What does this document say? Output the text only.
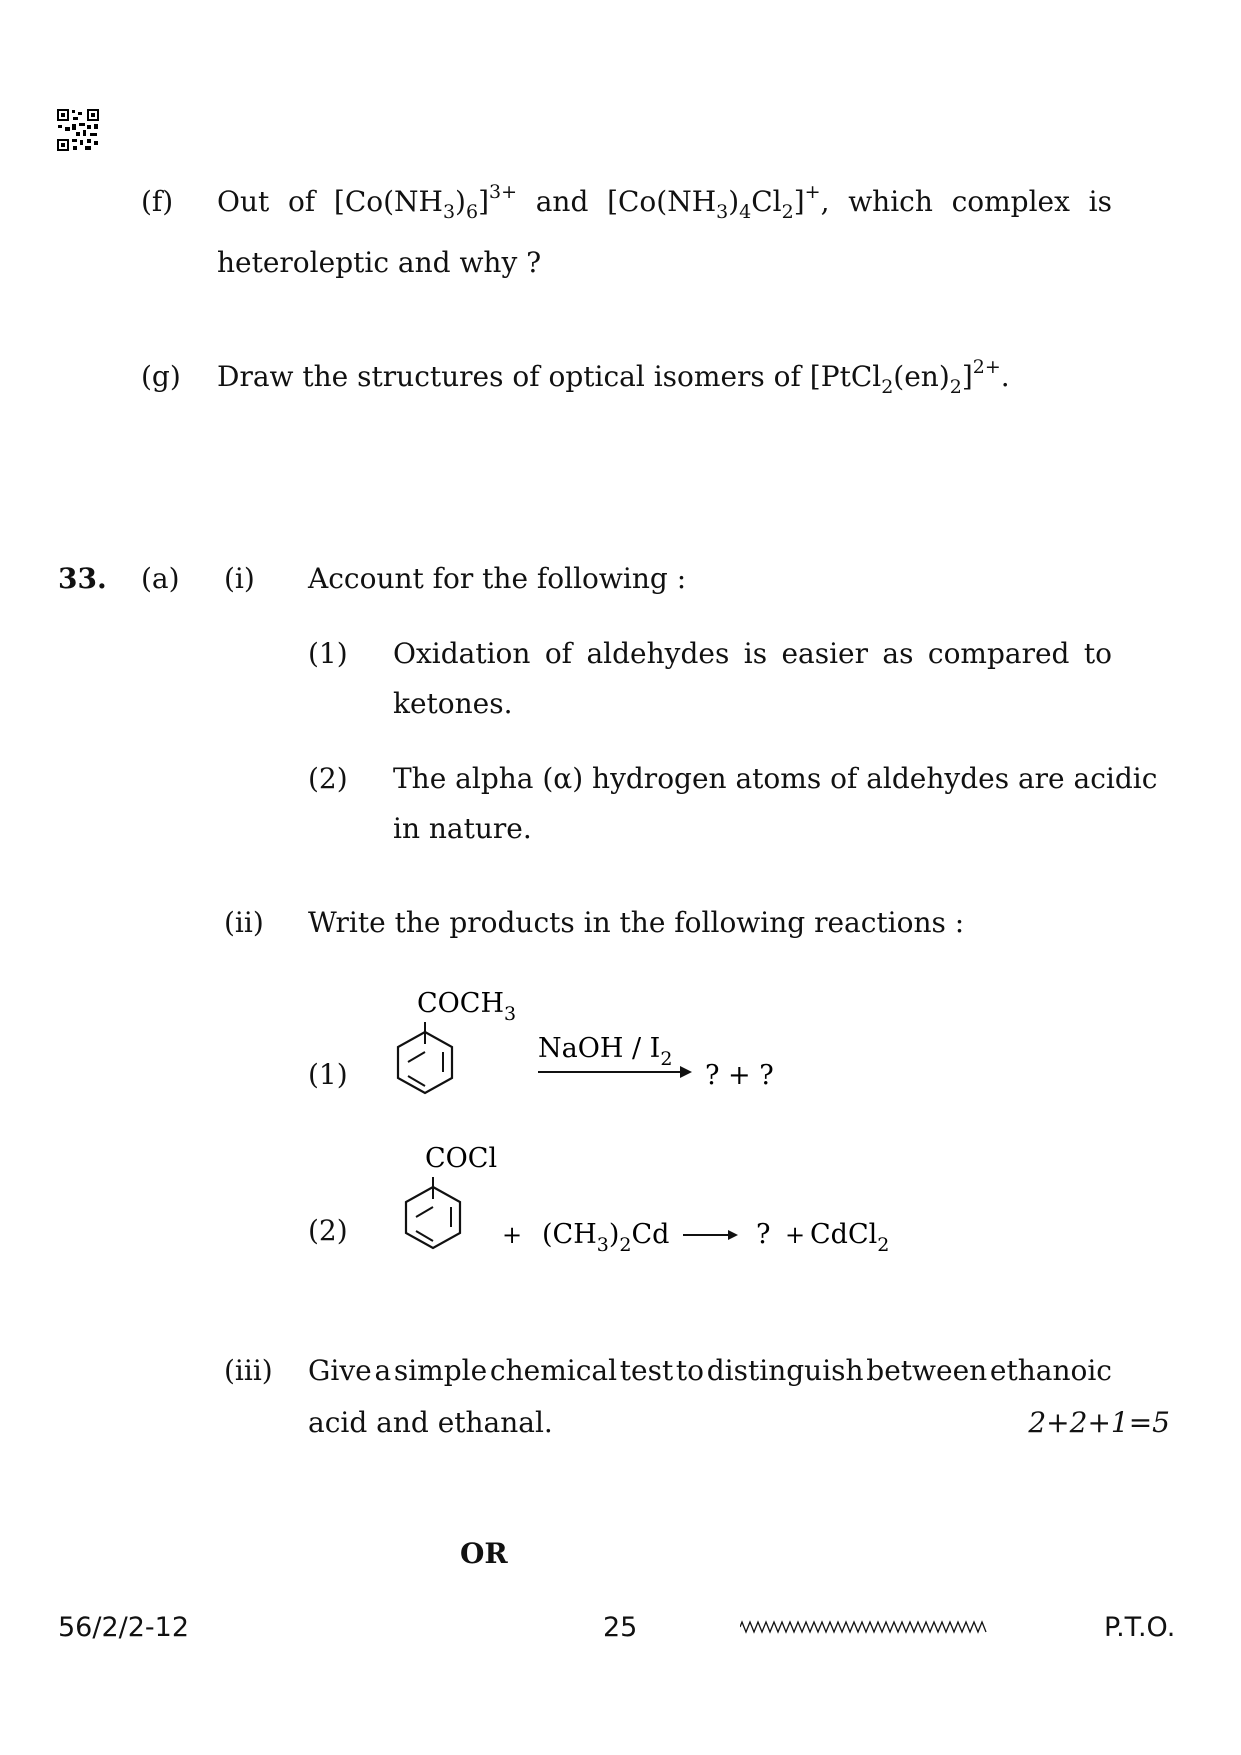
(f) Out of $[Co(NH_3)_6]^{3+}$ and $[Co(NH_3)_4Cl_2]^+$, which complex is
heteroleptic and why ?
(g) Draw the structures of optical isomers of $[PtCl_2(en)_2]^{2+}$.
33. (a) (i) Account for the following :
(1) Oxidation of aldehydes is easier as compared to
ketones.
(2) The alpha (α) hydrogen atoms of aldehydes are acidic
in nature.
(ii) Write the products in the following reactions :
(1)
$COCH_3$
NaOH / $I_2$
? + ?
(2)
COCl
+ $(CH_3)_2Cd$	? + CdCl$_2$
(iii) Give a simple chemical test to distinguish between ethanoic
acid and ethanal.	2+2+1=5
OR
56/2/2-12	25	P.T.O.
